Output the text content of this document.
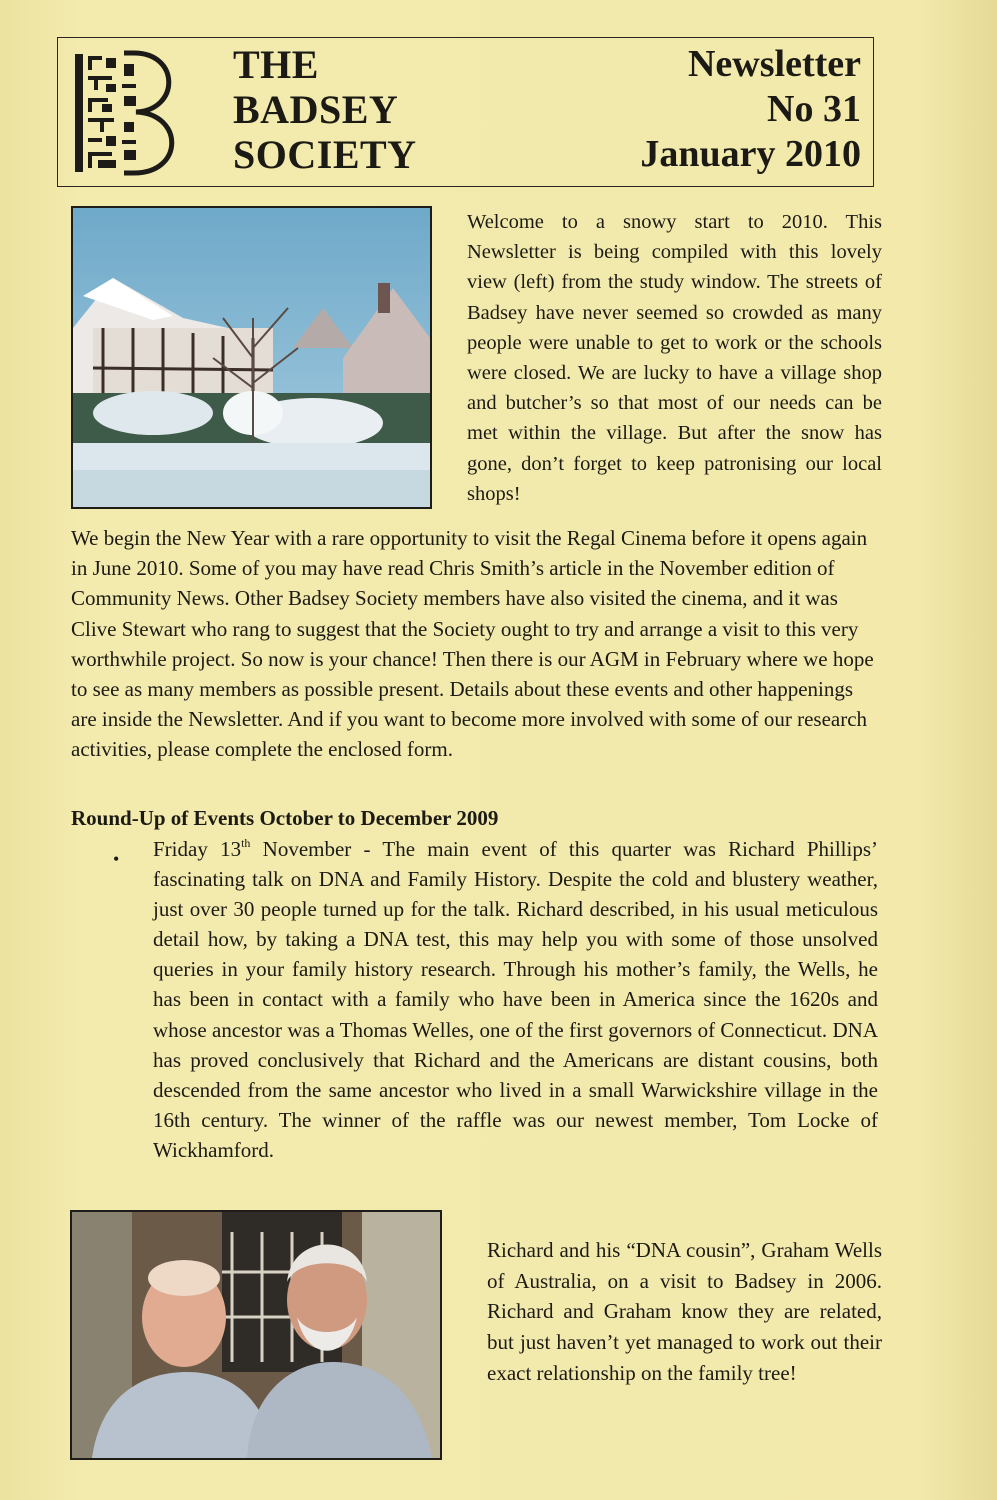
THE
BADSEY
SOCIETY
Newsletter
No 31
January 2010
Welcome to a snowy start to 2010. This Newsletter is being compiled with this lovely view (left) from the study window. The streets of Badsey have never seemed so crowded as many people were unable to get to work or the schools were closed. We are lucky to have a village shop and butcher’s so that most of our needs can be met within the village. But after the snow has gone, don’t forget to keep patronising our local shops!
We begin the New Year with a rare opportunity to visit the Regal Cinema before it opens again in June 2010. Some of you may have read Chris Smith’s article in the November edition of Community News. Other Badsey Society members have also visited the cinema, and it was Clive Stewart who rang to suggest that the Society ought to try and arrange a visit to this very worthwhile project. So now is your chance! Then there is our AGM in February where we hope to see as many members as possible present. Details about these events and other happenings are inside the Newsletter. And if you want to become more involved with some of our research activities, please complete the enclosed form.
Round-Up of Events October to December 2009
• Friday 13th November - The main event of this quarter was Richard Phillips’ fascinating talk on DNA and Family History. Despite the cold and blustery weather, just over 30 people turned up for the talk. Richard described, in his usual meticulous detail how, by taking a DNA test, this may help you with some of those unsolved queries in your family history research. Through his mother’s family, the Wells, he has been in contact with a family who have been in America since the 1620s and whose ancestor was a Thomas Welles, one of the first governors of Connecticut. DNA has proved conclusively that Richard and the Americans are distant cousins, both descended from the same ancestor who lived in a small Warwickshire village in the 16th century. The winner of the raffle was our newest member, Tom Locke of Wickhamford.
Richard and his “DNA cousin”, Graham Wells of Australia, on a visit to Badsey in 2006. Richard and Graham know they are related, but just haven’t yet managed to work out their exact relationship on the family tree!
